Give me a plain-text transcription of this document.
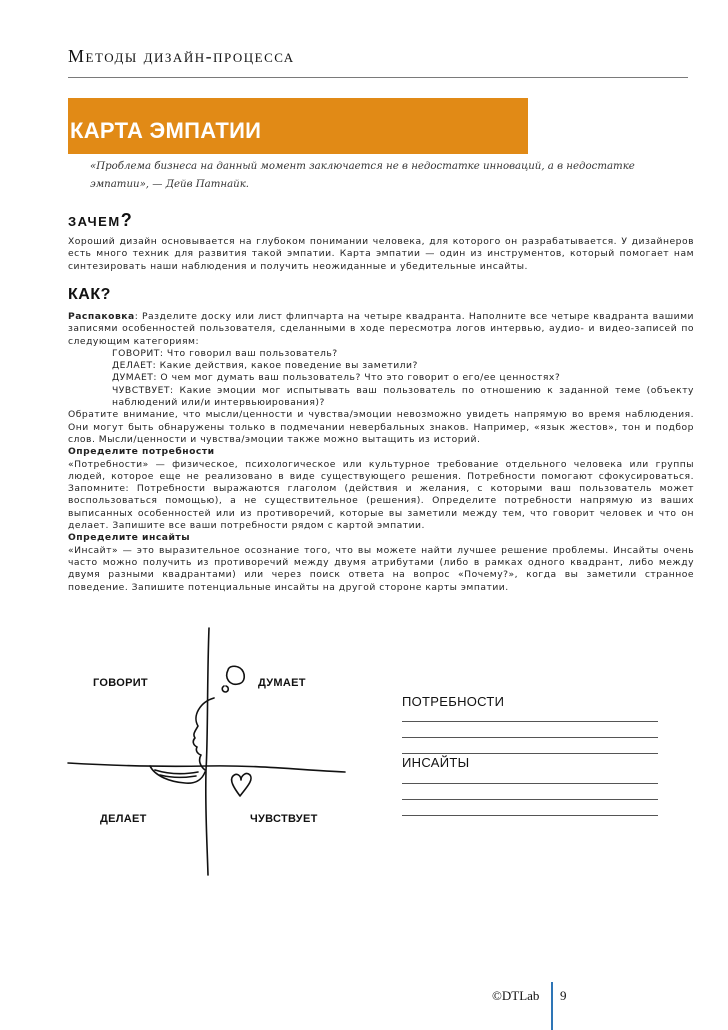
Методы дизайн-процесса
КАРТА ЭМПАТИИ
«Проблема бизнеса на данный момент заключается не в недостатке инноваций, а в недостатке эмпатии», — Дейв Патнайк.
ЗАЧЕМ?

Хороший дизайн основывается на глубоком понимании человека, для которого он разрабатывается. У дизайнеров есть много техник для развития такой эмпатии. Карта эмпатии — один из инструментов, который помогает нам синтезировать наши наблюдения и получить неожиданные и убедительные инсайты.

КАК?

Распаковка: Разделите доску или лист флипчарта на четыре квадранта. Наполните все четыре квадранта вашими записями особенностей пользователя, сделанными в ходе пересмотра логов интервью, аудио- и видео-записей по следующим категориям:

ГОВОРИТ: Что говорил ваш пользователь?

ДЕЛАЕТ: Какие действия, какое поведение вы заметили?

ДУМАЕТ: О чем мог думать ваш пользователь? Что это говорит о его/ее ценностях?

ЧУВСТВУЕТ: Какие эмоции мог испытывать ваш пользователь по отношению к заданной теме (объекту наблюдений или/и интервьюирования)?

Обратите внимание, что мысли/ценности и чувства/эмоции невозможно увидеть напрямую во время наблюдения. Они могут быть обнаружены только в подмечании невербальных знаков. Например, «язык жестов», тон и подбор слов. Мысли/ценности и чувства/эмоции также можно вытащить из историй.

Определите потребности

«Потребности» — физическое, психологическое или культурное требование отдельного человека или группы людей, которое еще не реализовано в виде существующего решения. Потребности помогают сфокусироваться. Запомните: Потребности выражаются глаголом (действия и желания, с которыми ваш пользователь может воспользоваться помощью), а не существительное (решения). Определите потребности напрямую из ваших выписанных особенностей или из противоречий, которые вы заметили между тем, что говорит человек и что он делает. Запишите все ваши потребности рядом с картой эмпатии.

Определите инсайты

«Инсайт» — это выразительное осознание того, что вы можете найти лучшее решение проблемы. Инсайты очень часто можно получить из противоречий между двумя атрибутами (либо в рамках одного квадрант, либо между двумя разными квадрантами) или через поиск ответа на вопрос «Почему?», когда вы заметили странное поведение. Запишите потенциальные инсайты на другой стороне карты эмпатии.

ГОВОРИТ	ДУМАЕТ
ДЕЛАЕТ	ЧУВСТВУЕТ
ПОТРЕБНОСТИ
ИНСАЙТЫ
©DTLab 9
